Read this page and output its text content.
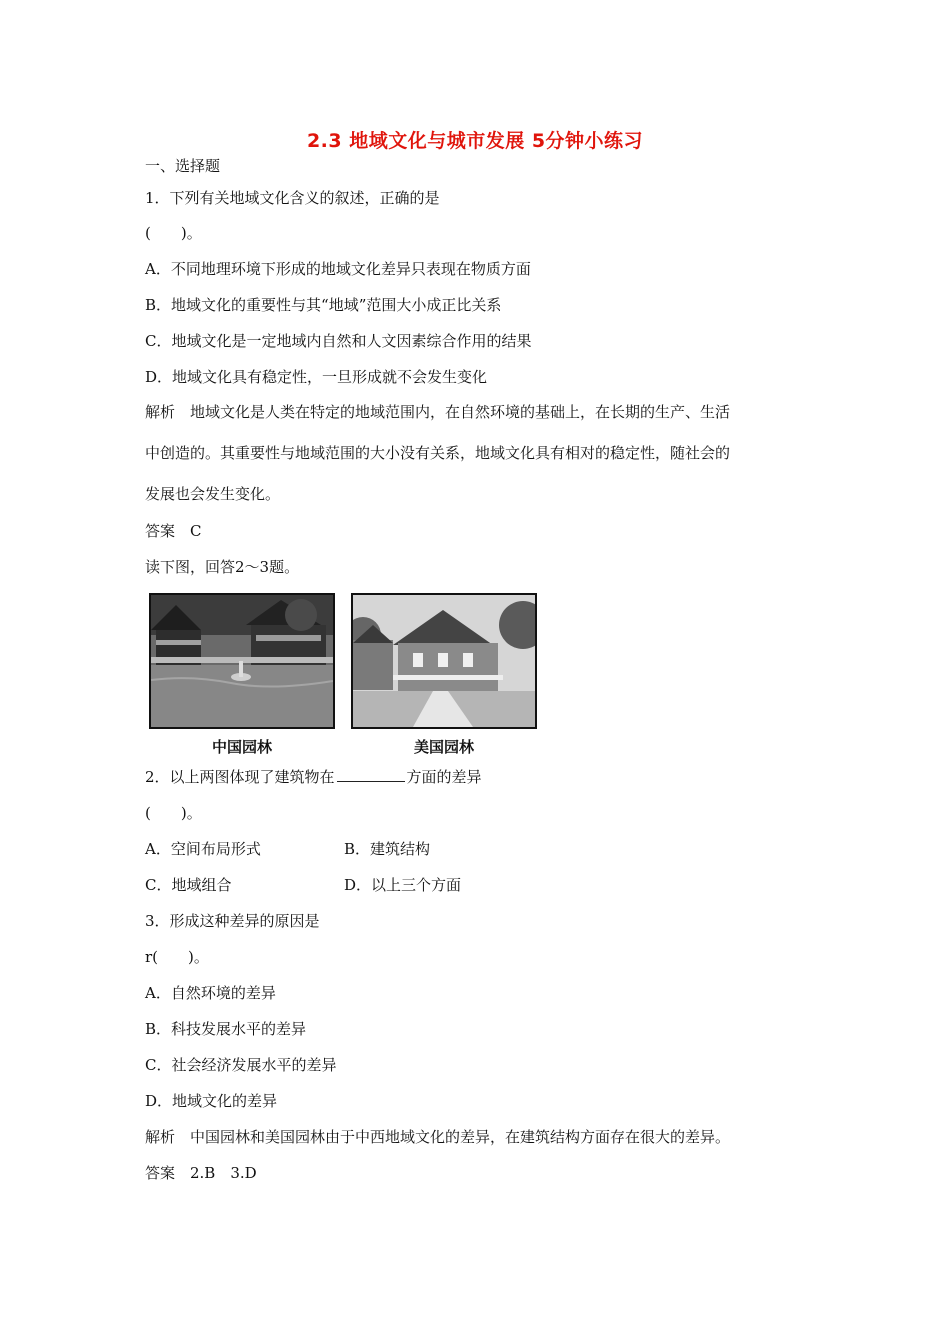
2.3 地域文化与城市发展 5分钟小练习
一、选择题
1．下列有关地域文化含义的叙述，正确的是
(　　)。
A．不同地理环境下形成的地域文化差异只表现在物质方面
B．地域文化的重要性与其“地域”范围大小成正比关系
C．地域文化是一定地域内自然和人文因素综合作用的结果
D．地域文化具有稳定性，一旦形成就不会发生变化
解析　地域文化是人类在特定的地域范围内，在自然环境的基础上，在长期的生产、生活
中创造的。其重要性与地域范围的大小没有关系，地域文化具有相对的稳定性，随社会的
发展也会发生变化。
答案　C
读下图，回答2～3题。
中国园林	美国园林
2．以上两图体现了建筑物在	方面的差异
(　　)。
A．空间布局形式	B．建筑结构
C．地域组合	D．以上三个方面
3．形成这种差异的原因是
r(　　)。
A．自然环境的差异
B．科技发展水平的差异
C．社会经济发展水平的差异
D．地域文化的差异
解析　中国园林和美国园林由于中西地域文化的差异，在建筑结构方面存在很大的差异。
答案　2.B　3.D
